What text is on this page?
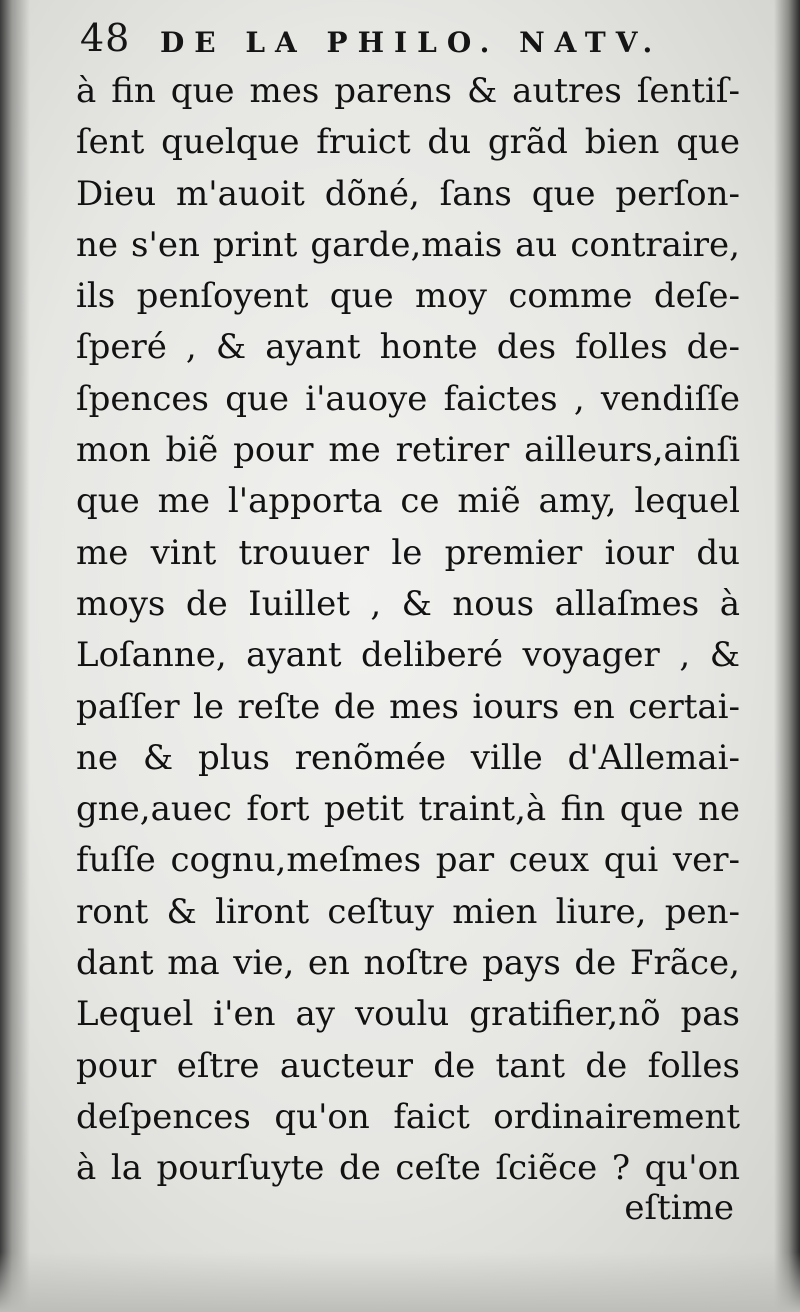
48 DE LA PHILO. NATV.
à fin que mes parens & autres ſentiſ-
ſent quelque fruict du grãd bien que
Dieu m'auoit dõné, ſans que perſon-
ne s'en print garde,mais au contraire,
ils penſoyent que moy comme deſe-
ſperé , & ayant honte des folles de-
ſpences que i'auoye faictes , vendiſſe
mon biẽ pour me retirer ailleurs,ainſi
que me l'apporta ce miẽ amy, lequel
me vint trouuer le premier iour du
moys de Iuillet , & nous allaſmes à
Loſanne, ayant deliberé voyager , &
paſſer le reſte de mes iours en certai-
ne & plus renõmée ville d'Allemai-
gne,auec fort petit traint,à fin que ne
fuſſe cognu,meſmes par ceux qui ver-
ront & liront ceſtuy mien liure, pen-
dant ma vie, en noſtre pays de Frãce,
Lequel i'en ay voulu gratifier,nõ pas
pour eſtre aucteur de tant de folles
deſpences qu'on faict ordinairement
à la pourſuyte de ceſte ſciẽce ? qu'on
eſtime
